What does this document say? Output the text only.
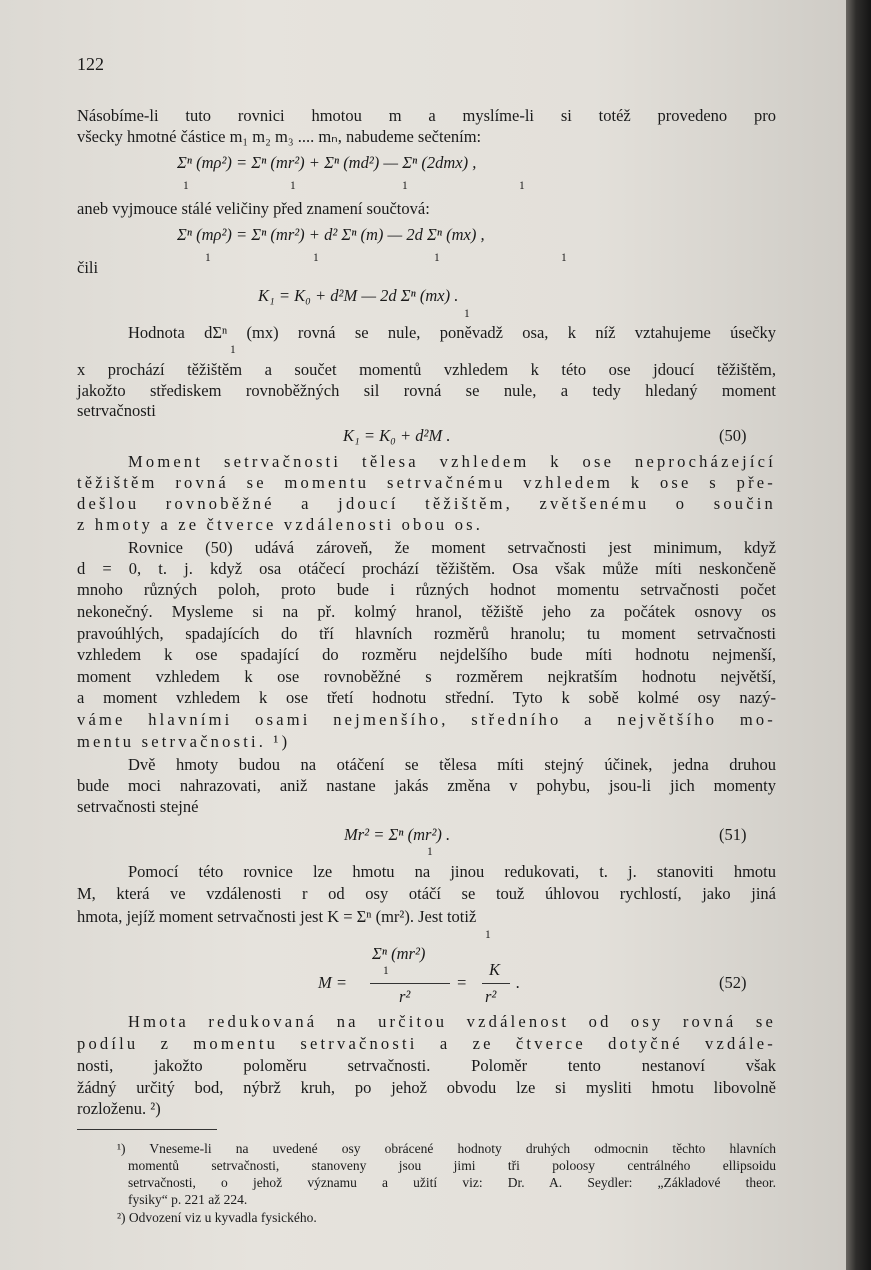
122
Násobíme-li tuto rovnici hmotou m a myslíme-li si totéž provedeno pro
všecky hmotné částice m₁ m₂ m₃ .... mₙ, nabudeme sečtením:
Σⁿ (mρ²) = Σⁿ (mr²) + Σⁿ (md²) — Σⁿ (2dmx) ,
1	1	1	1
aneb vyjmouce stálé veličiny před znamení součtová:
Σⁿ (mρ²) = Σⁿ (mr²) + d² Σⁿ (m) — 2d Σⁿ (mx) ,
1	1	1	1
čili
K₁ = K₀ + d²M — 2d Σⁿ (mx) .
1
Hodnota dΣⁿ (mx) rovná se nule, poněvadž osa, k níž vztahujeme úsečky
1
x prochází těžištěm a součet momentů vzhledem k této ose jdoucí těžištěm,
jakožto střediskem rovnoběžných sil rovná se nule, a tedy hledaný moment
setrvačnosti
K₁ = K₀ + d²M .	(50)
Moment setrvačnosti tělesa vzhledem k ose neprocházející
těžištěm rovná se momentu setrvačnému vzhledem k ose s pře-
dešlou rovnoběžné a jdoucí těžištěm, zvětšenému o součin
z hmoty a ze čtverce vzdálenosti obou os.
Rovnice (50) udává zároveň, že moment setrvačnosti jest minimum, když
d = 0, t. j. když osa otáčecí prochází těžištěm. Osa však může míti neskončeně
mnoho různých poloh, proto bude i různých hodnot momentu setrvačnosti počet
nekonečný. Mysleme si na př. kolmý hranol, těžiště jeho za počátek osnovy os
pravoúhlých, spadajících do tří hlavních rozměrů hranolu; tu moment setrvačnosti
vzhledem k ose spadající do rozměru nejdelšího bude míti hodnotu nejmenší,
moment vzhledem k ose rovnoběžné s rozměrem nejkratším hodnotu největší,
a moment vzhledem k ose třetí hodnotu střední. Tyto k sobě kolmé osy nazý-
váme hlavními osami nejmenšího, středního a největšího mo-
mentu setrvačnosti. ¹)
Dvě hmoty budou na otáčení se tělesa míti stejný účinek, jedna druhou
bude moci nahrazovati, aniž nastane jakás změna v pohybu, jsou-li jich momenty
setrvačnosti stejné
Mr² = Σⁿ (mr²) .
1
(51)
Pomocí této rovnice lze hmotu na jinou redukovati, t. j. stanoviti hmotu
M, která ve vzdálenosti r od osy otáčí se touž úhlovou rychlostí, jako jiná
hmota, jejíž moment setrvačnosti jest K = Σⁿ (mr²). Jest totiž
1
M =
Σⁿ (mr²)
1
r²
=
K
r²
.	(52)
Hmota redukovaná na určitou vzdálenost od osy rovná se
podílu z momentu setrvačnosti a ze čtverce dotyčné vzdále-
nosti, jakožto poloměru setrvačnosti. Poloměr tento nestanoví však
žádný určitý bod, nýbrž kruh, po jehož obvodu lze si mysliti hmotu libovolně
rozloženu. ²)
¹) Vneseme-li na uvedené osy obrácené hodnoty druhých odmocnin těchto hlavních
momentů setrvačnosti, stanoveny jsou jimi tři poloosy centrálného ellipsoidu
setrvačnosti, o jehož významu a užití viz: Dr. A. Seydler: „Základové theor.
fysiky“ p. 221 až 224.
²) Odvození viz u kyvadla fysického.
